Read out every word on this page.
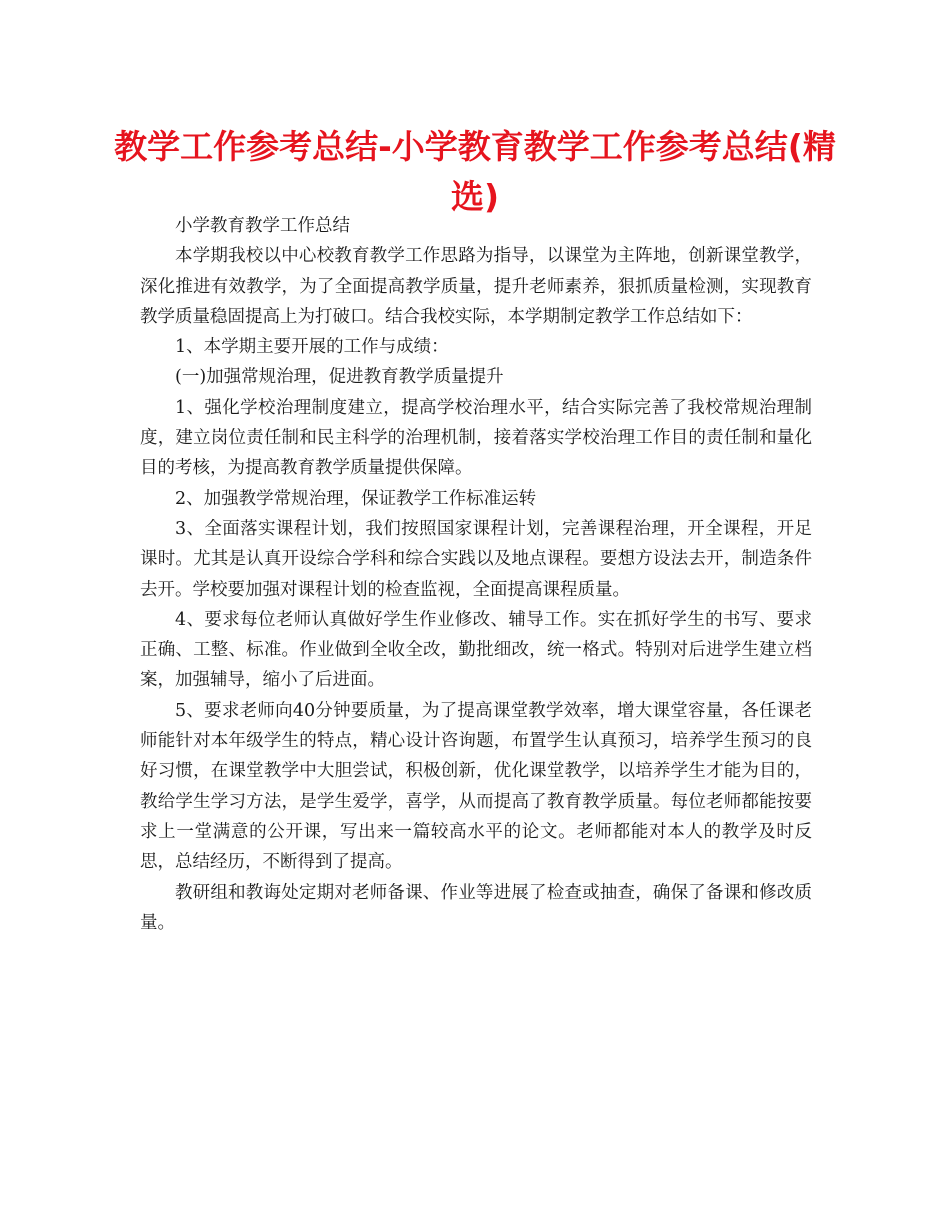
教学工作参考总结-小学教育教学工作参考总结(精选)

小学教育教学工作总结

本学期我校以中心校教育教学工作思路为指导，以课堂为主阵地，创新课堂教学，深化推进有效教学，为了全面提高教学质量，提升老师素养，狠抓质量检测，实现教育教学质量稳固提高上为打破口。结合我校实际，本学期制定教学工作总结如下：

1、本学期主要开展的工作与成绩：

(一)加强常规治理，促进教育教学质量提升

1、强化学校治理制度建立，提高学校治理水平，结合实际完善了我校常规治理制度，建立岗位责任制和民主科学的治理机制，接着落实学校治理工作目的责任制和量化目的考核，为提高教育教学质量提供保障。

2、加强教学常规治理，保证教学工作标准运转

3、全面落实课程计划，我们按照国家课程计划，完善课程治理，开全课程，开足课时。尤其是认真开设综合学科和综合实践以及地点课程。要想方设法去开，制造条件去开。学校要加强对课程计划的检查监视，全面提高课程质量。

4、要求每位老师认真做好学生作业修改、辅导工作。实在抓好学生的书写、要求正确、工整、标准。作业做到全收全改，勤批细改，统一格式。特别对后进学生建立档案，加强辅导，缩小了后进面。

5、要求老师向40分钟要质量，为了提高课堂教学效率，增大课堂容量，各任课老师能针对本年级学生的特点，精心设计咨询题，布置学生认真预习，培养学生预习的良好习惯，在课堂教学中大胆尝试，积极创新，优化课堂教学，以培养学生才能为目的，教给学生学习方法，是学生爱学，喜学，从而提高了教育教学质量。每位老师都能按要求上一堂满意的公开课，写出来一篇较高水平的论文。老师都能对本人的教学及时反思，总结经历，不断得到了提高。

教研组和教诲处定期对老师备课、作业等进展了检查或抽查，确保了备课和修改质量。
